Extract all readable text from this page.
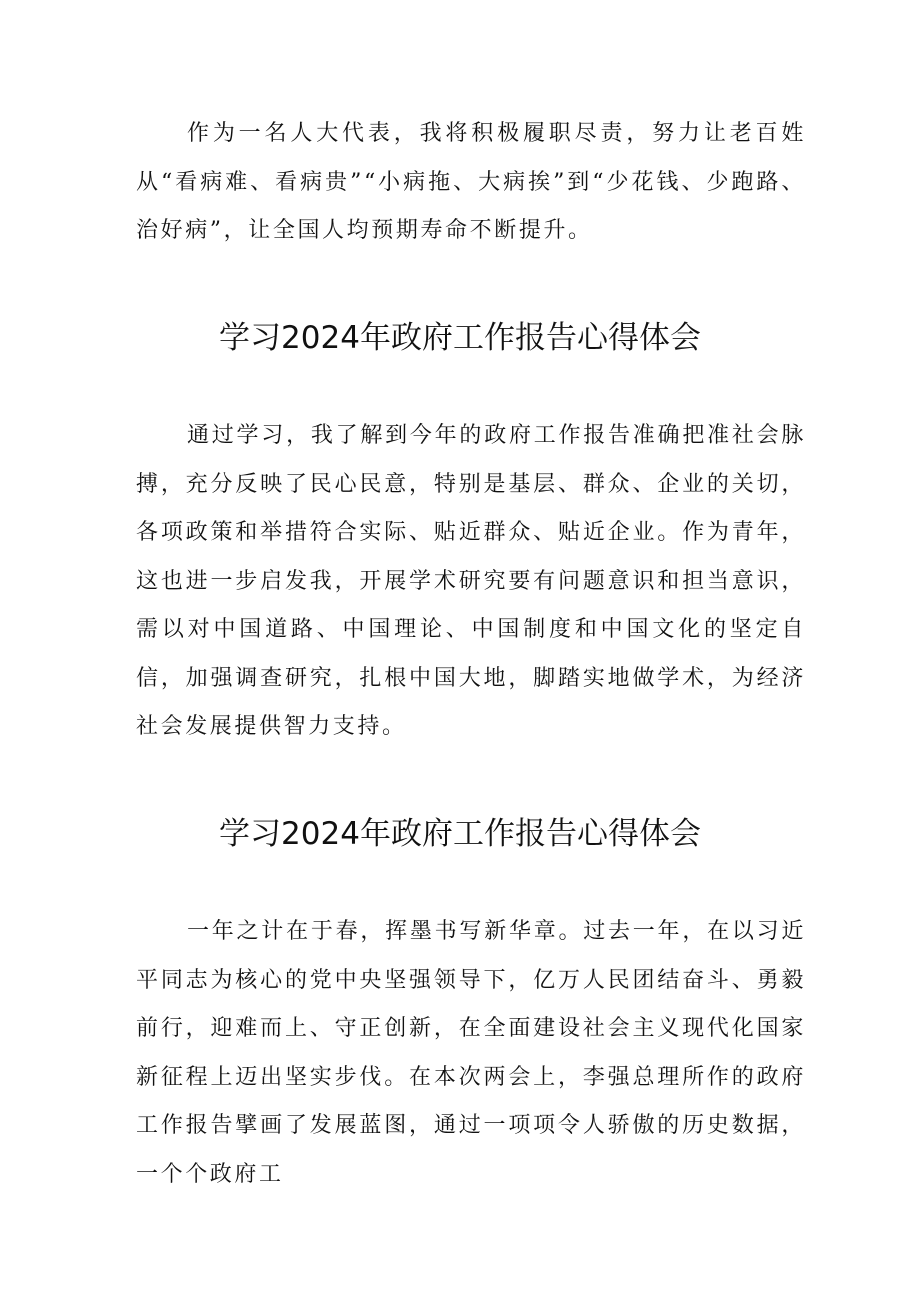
作为一名人大代表，我将积极履职尽责，努力让老百姓从“看病难、看病贵”“小病拖、大病挨”到“少花钱、少跑路、治好病”，让全国人均预期寿命不断提升。

学习2024年政府工作报告心得体会

通过学习，我了解到今年的政府工作报告准确把准社会脉搏，充分反映了民心民意，特别是基层、群众、企业的关切，各项政策和举措符合实际、贴近群众、贴近企业。作为青年，这也进一步启发我，开展学术研究要有问题意识和担当意识，需以对中国道路、中国理论、中国制度和中国文化的坚定自信，加强调查研究，扎根中国大地，脚踏实地做学术，为经济社会发展提供智力支持。

学习2024年政府工作报告心得体会

一年之计在于春，挥墨书写新华章。过去一年，在以习近平同志为核心的党中央坚强领导下，亿万人民团结奋斗、勇毅前行，迎难而上、守正创新，在全面建设社会主义现代化国家新征程上迈出坚实步伐。在本次两会上，李强总理所作的政府工作报告擘画了发展蓝图，通过一项项令人骄傲的历史数据，一个个政府工
